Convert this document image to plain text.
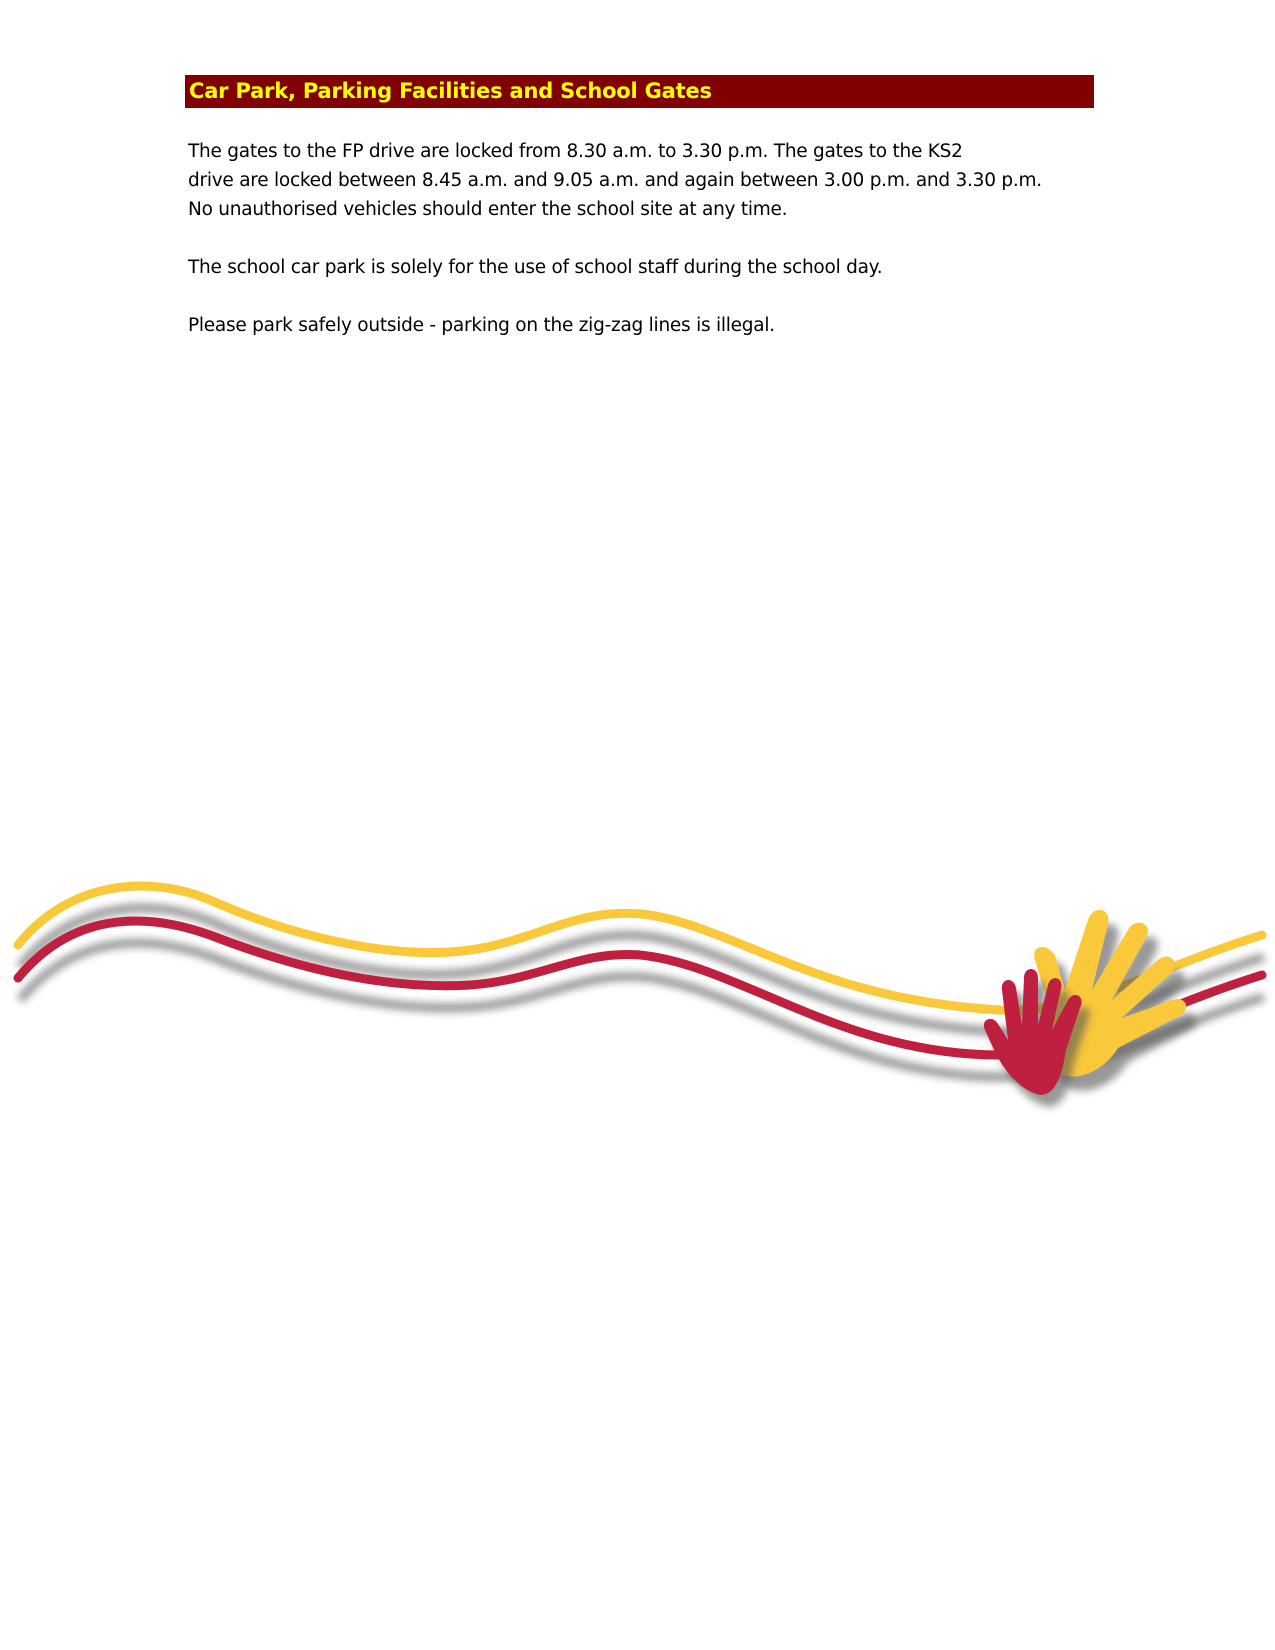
Car Park, Parking Facilities and School Gates

The gates to the FP drive are locked from 8.30 a.m. to 3.30 p.m. The gates to the KS2
drive are locked between 8.45 a.m. and 9.05 a.m. and again between 3.00 p.m. and 3.30 p.m.
No unauthorised vehicles should enter the school site at any time.

The school car park is solely for the use of school staff during the school day.

Please park safely outside - parking on the zig-zag lines is illegal.
